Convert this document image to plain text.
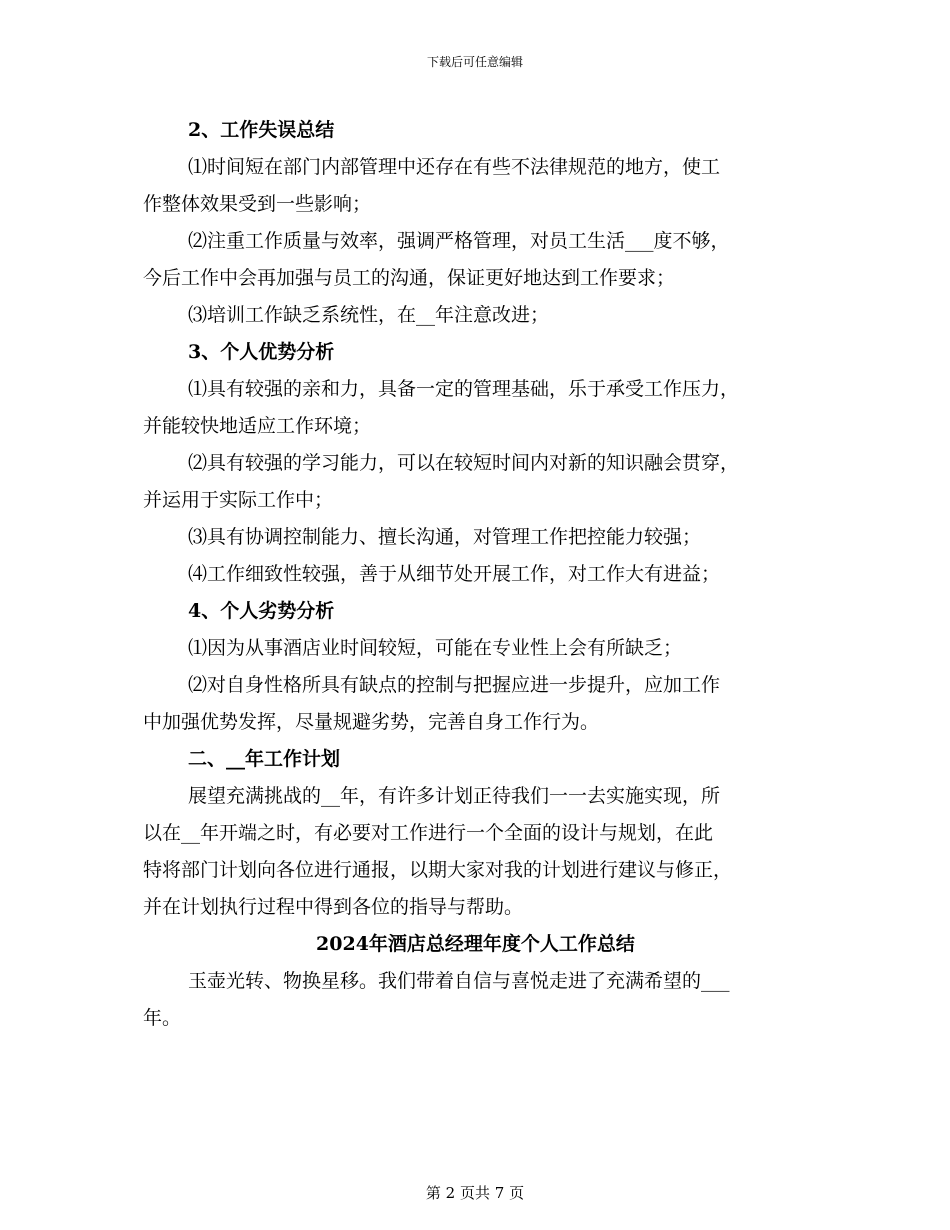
下载后可任意编辑
2、工作失误总结
⑴时间短在部门内部管理中还存在有些不法律规范的地方，使工
作整体效果受到一些影响；
⑵注重工作质量与效率，强调严格管理，对员工生活___度不够，
今后工作中会再加强与员工的沟通，保证更好地达到工作要求；
⑶培训工作缺乏系统性，在__年注意改进；
3、个人优势分析
⑴具有较强的亲和力，具备一定的管理基础，乐于承受工作压力，
并能较快地适应工作环境；
⑵具有较强的学习能力，可以在较短时间内对新的知识融会贯穿，
并运用于实际工作中；
⑶具有协调控制能力、擅长沟通，对管理工作把控能力较强；
⑷工作细致性较强，善于从细节处开展工作，对工作大有进益；
4、个人劣势分析
⑴因为从事酒店业时间较短，可能在专业性上会有所缺乏；
⑵对自身性格所具有缺点的控制与把握应进一步提升，应加工作
中加强优势发挥，尽量规避劣势，完善自身工作行为。
二、__年工作计划
展望充满挑战的__年，有许多计划正待我们一一去实施实现，所
以在__年开端之时，有必要对工作进行一个全面的设计与规划，在此
特将部门计划向各位进行通报，以期大家对我的计划进行建议与修正，
并在计划执行过程中得到各位的指导与帮助。
2024年酒店总经理年度个人工作总结
玉壶光转、物换星移。我们带着自信与喜悦走进了充满希望的___
年。
第 2 页共 7 页
